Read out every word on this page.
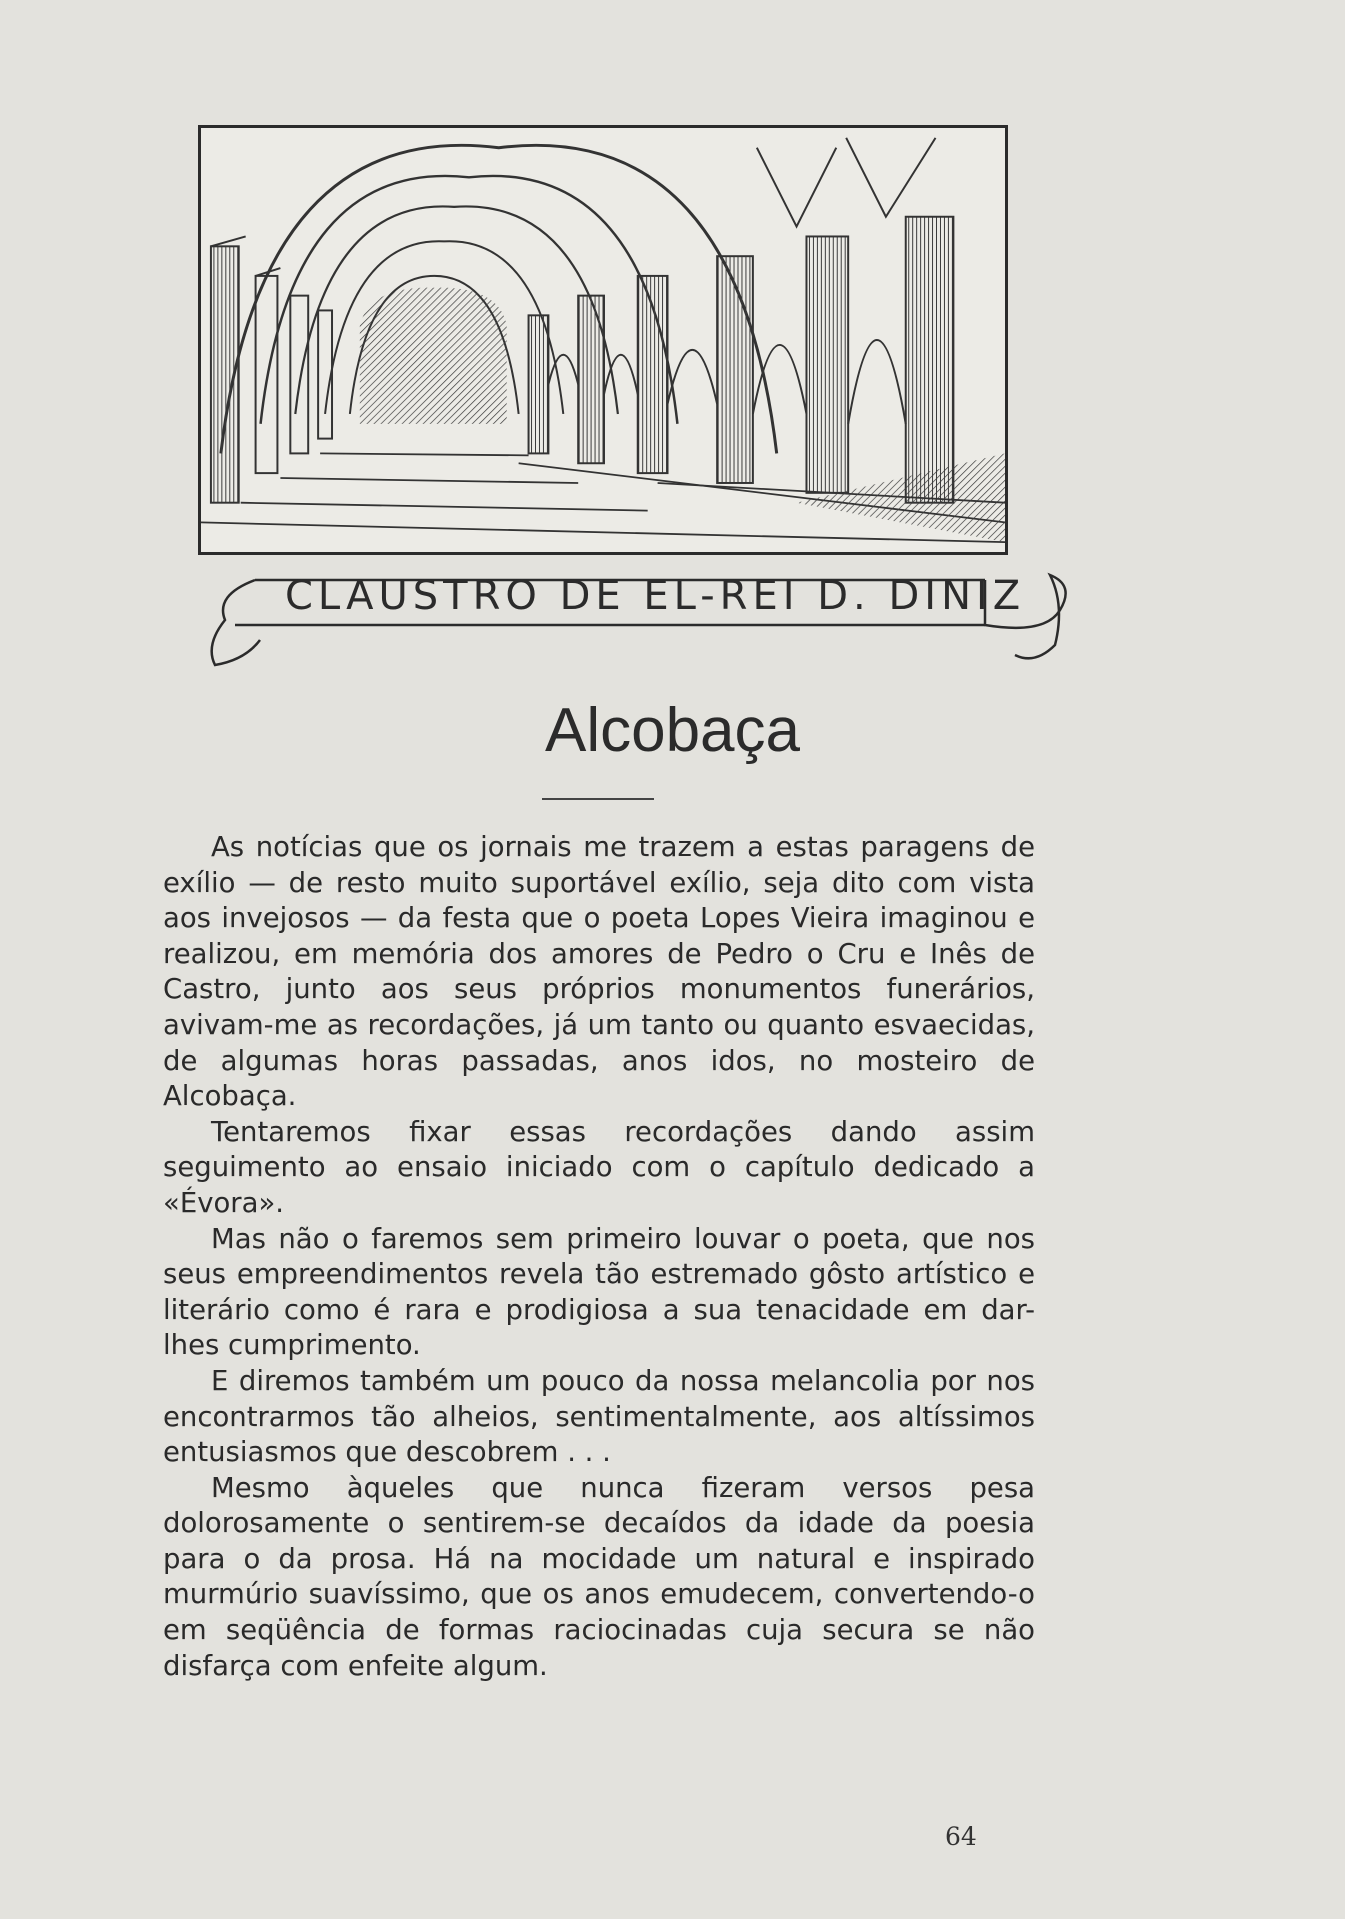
CLAUSTRO DE EL-REI D. DINIZ
Alcobaça

As notícias que os jornais me trazem a estas paragens de exílio — de resto muito suportável exílio, seja dito com vista aos invejosos — da festa que o poeta Lopes Vieira imaginou e realizou, em memória dos amores de Pedro o Cru e Inês de Castro, junto aos seus próprios monumentos funerários, avivam-me as recordações, já um tanto ou quanto esvaecidas, de algumas horas passadas, anos idos, no mosteiro de Alcobaça.

Tentaremos fixar essas recordações dando assim seguimento ao ensaio iniciado com o capítulo dedicado a «Évora».

Mas não o faremos sem primeiro louvar o poeta, que nos seus empreendimentos revela tão estremado gôsto artístico e literário como é rara e prodigiosa a sua tenacidade em dar-lhes cumprimento.

E diremos também um pouco da nossa melancolia por nos encontrarmos tão alheios, sentimentalmente, aos altíssimos entusiasmos que descobrem . . .

Mesmo àqueles que nunca fizeram versos pesa dolorosamente o sentirem-se decaídos da idade da poesia para o da prosa. Há na mocidade um natural e inspirado murmúrio suavíssimo, que os anos emudecem, convertendo-o em seqüência de formas raciocinadas cuja secura se não disfarça com enfeite algum.

64
